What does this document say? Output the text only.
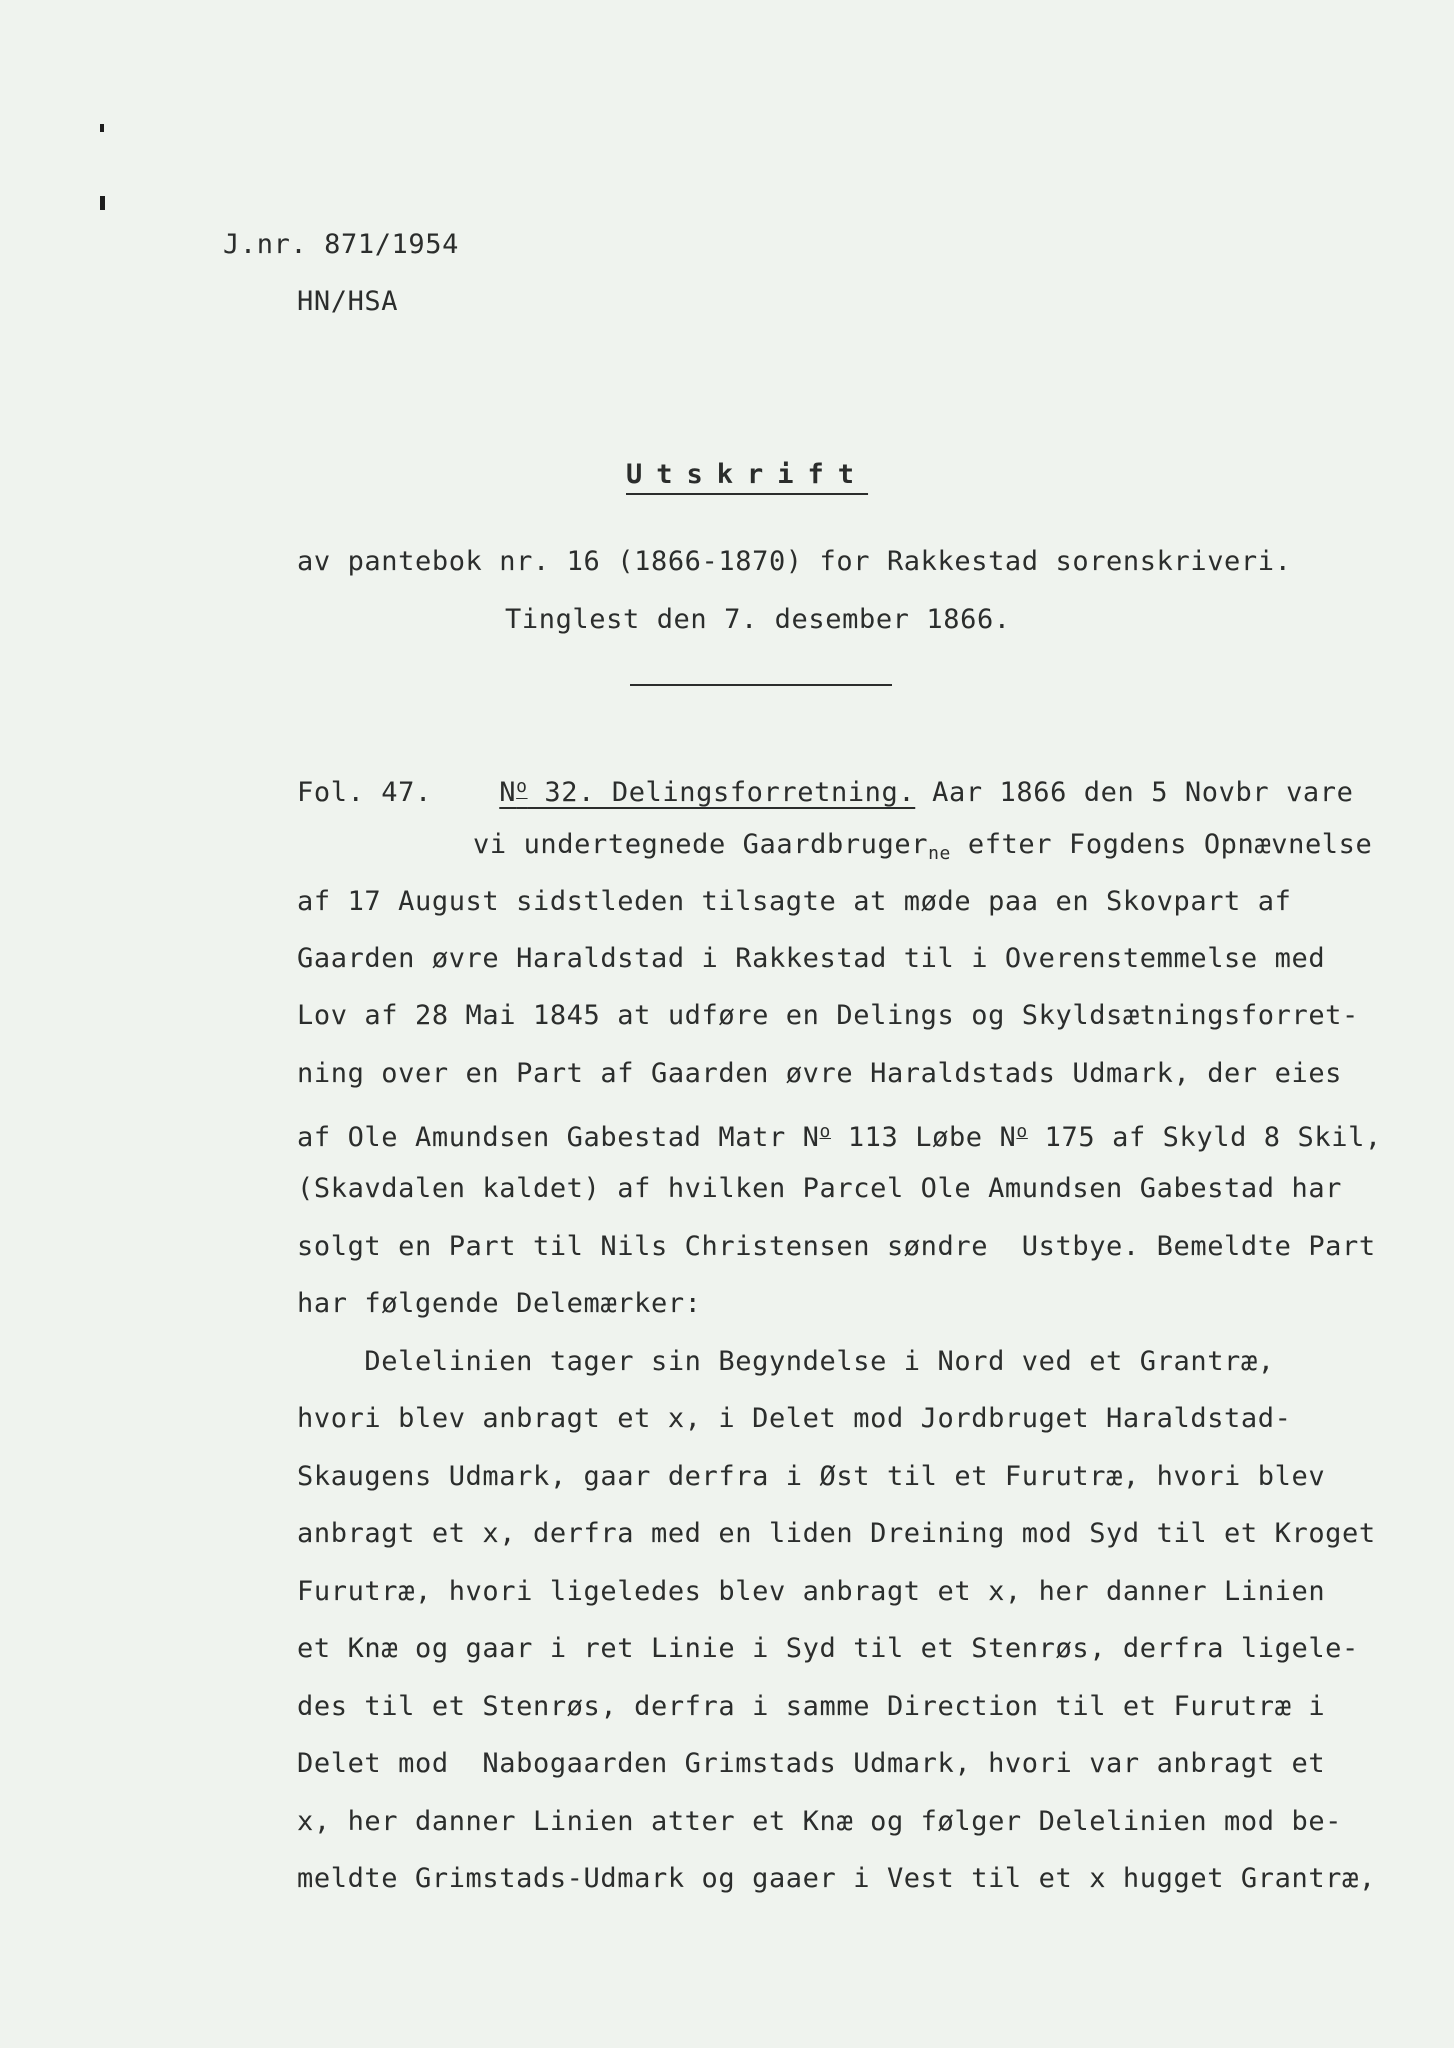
J.nr. 871/1954
HN/HSA
Utskrift
av pantebok nr. 16 (1866-1870) for Rakkestad sorenskriveri.
Tinglest den 7. desember 1866.
Fol. 47. $N^o$ 32. Delingsforretning. Aar 1866 den 5 Novbr vare
vi undertegnede Gaardbruger$_{ne}$ efter Fogdens Opnævnelse
af 17 August sidstleden tilsagte at møde paa en Skovpart af
Gaarden øvre Haraldstad i Rakkestad til i Overenstemmelse med
Lov af 28 Mai 1845 at udføre en Delings og Skyldsætningsforret-
ning over en Part af Gaarden øvre Haraldstads Udmark, der eies
af Ole Amundsen Gabestad Matr $N^o$ 113 Løbe $N^o$ 175 af Skyld 8 Skil,
(Skavdalen kaldet) af hvilken Parcel Ole Amundsen Gabestad har
solgt en Part til Nils Christensen søndre  Ustbye. Bemeldte Part
har følgende Delemærker:
Delelinien tager sin Begyndelse i Nord ved et Grantræ,
hvori blev anbragt et x, i Delet mod Jordbruget Haraldstad-
Skaugens Udmark, gaar derfra i Øst til et Furutræ, hvori blev
anbragt et x, derfra med en liden Dreining mod Syd til et Kroget
Furutræ, hvori ligeledes blev anbragt et x, her danner Linien
et Knæ og gaar i ret Linie i Syd til et Stenrøs, derfra ligele-
des til et Stenrøs, derfra i samme Direction til et Furutræ i
Delet mod  Nabogaarden Grimstads Udmark, hvori var anbragt et
x, her danner Linien atter et Knæ og følger Delelinien mod be-
meldte Grimstads-Udmark og gaaer i Vest til et x hugget Grantræ,
